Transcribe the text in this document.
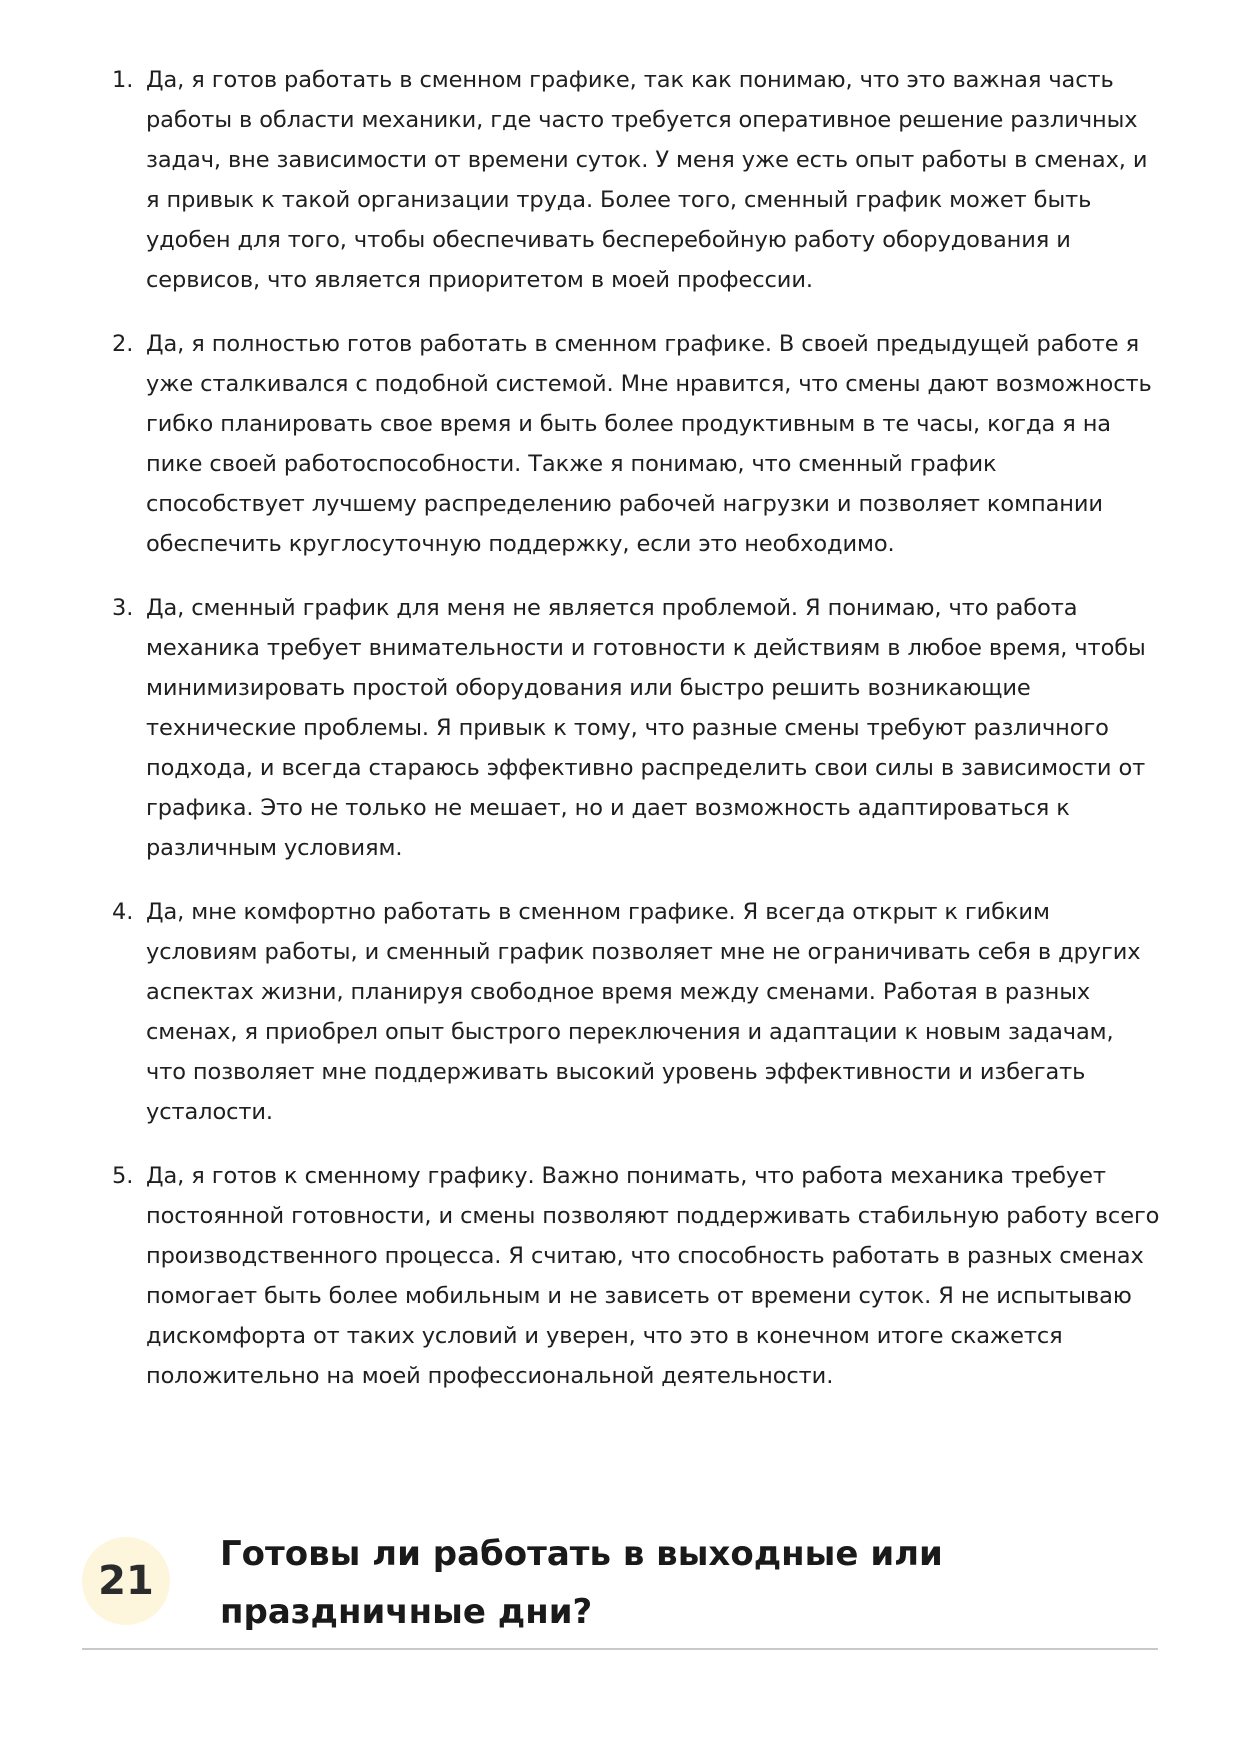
1. Да, я готов работать в сменном графике, так как понимаю, что это важная часть работы в области механики, где часто требуется оперативное решение различных задач, вне зависимости от времени суток. У меня уже есть опыт работы в сменах, и я привык к такой организации труда. Более того, сменный график может быть удобен для того, чтобы обеспечивать бесперебойную работу оборудования и сервисов, что является приоритетом в моей профессии.
2. Да, я полностью готов работать в сменном графике. В своей предыдущей работе я уже сталкивался с подобной системой. Мне нравится, что смены дают возможность гибко планировать свое время и быть более продуктивным в те часы, когда я на пике своей работоспособности. Также я понимаю, что сменный график способствует лучшему распределению рабочей нагрузки и позволяет компании обеспечить круглосуточную поддержку, если это необходимо.
3. Да, сменный график для меня не является проблемой. Я понимаю, что работа механика требует внимательности и готовности к действиям в любое время, чтобы минимизировать простой оборудования или быстро решить возникающие технические проблемы. Я привык к тому, что разные смены требуют различного подхода, и всегда стараюсь эффективно распределить свои силы в зависимости от графика. Это не только не мешает, но и дает возможность адаптироваться к различным условиям.
4. Да, мне комфортно работать в сменном графике. Я всегда открыт к гибким условиям работы, и сменный график позволяет мне не ограничивать себя в других аспектах жизни, планируя свободное время между сменами. Работая в разных сменах, я приобрел опыт быстрого переключения и адаптации к новым задачам, что позволяет мне поддерживать высокий уровень эффективности и избегать усталости.
5. Да, я готов к сменному графику. Важно понимать, что работа механика требует постоянной готовности, и смены позволяют поддерживать стабильную работу всего производственного процесса. Я считаю, что способность работать в разных сменах помогает быть более мобильным и не зависеть от времени суток. Я не испытываю дискомфорта от таких условий и уверен, что это в конечном итоге скажется положительно на моей профессиональной деятельности.
21
Готовы ли работать в выходные или праздничные дни?
